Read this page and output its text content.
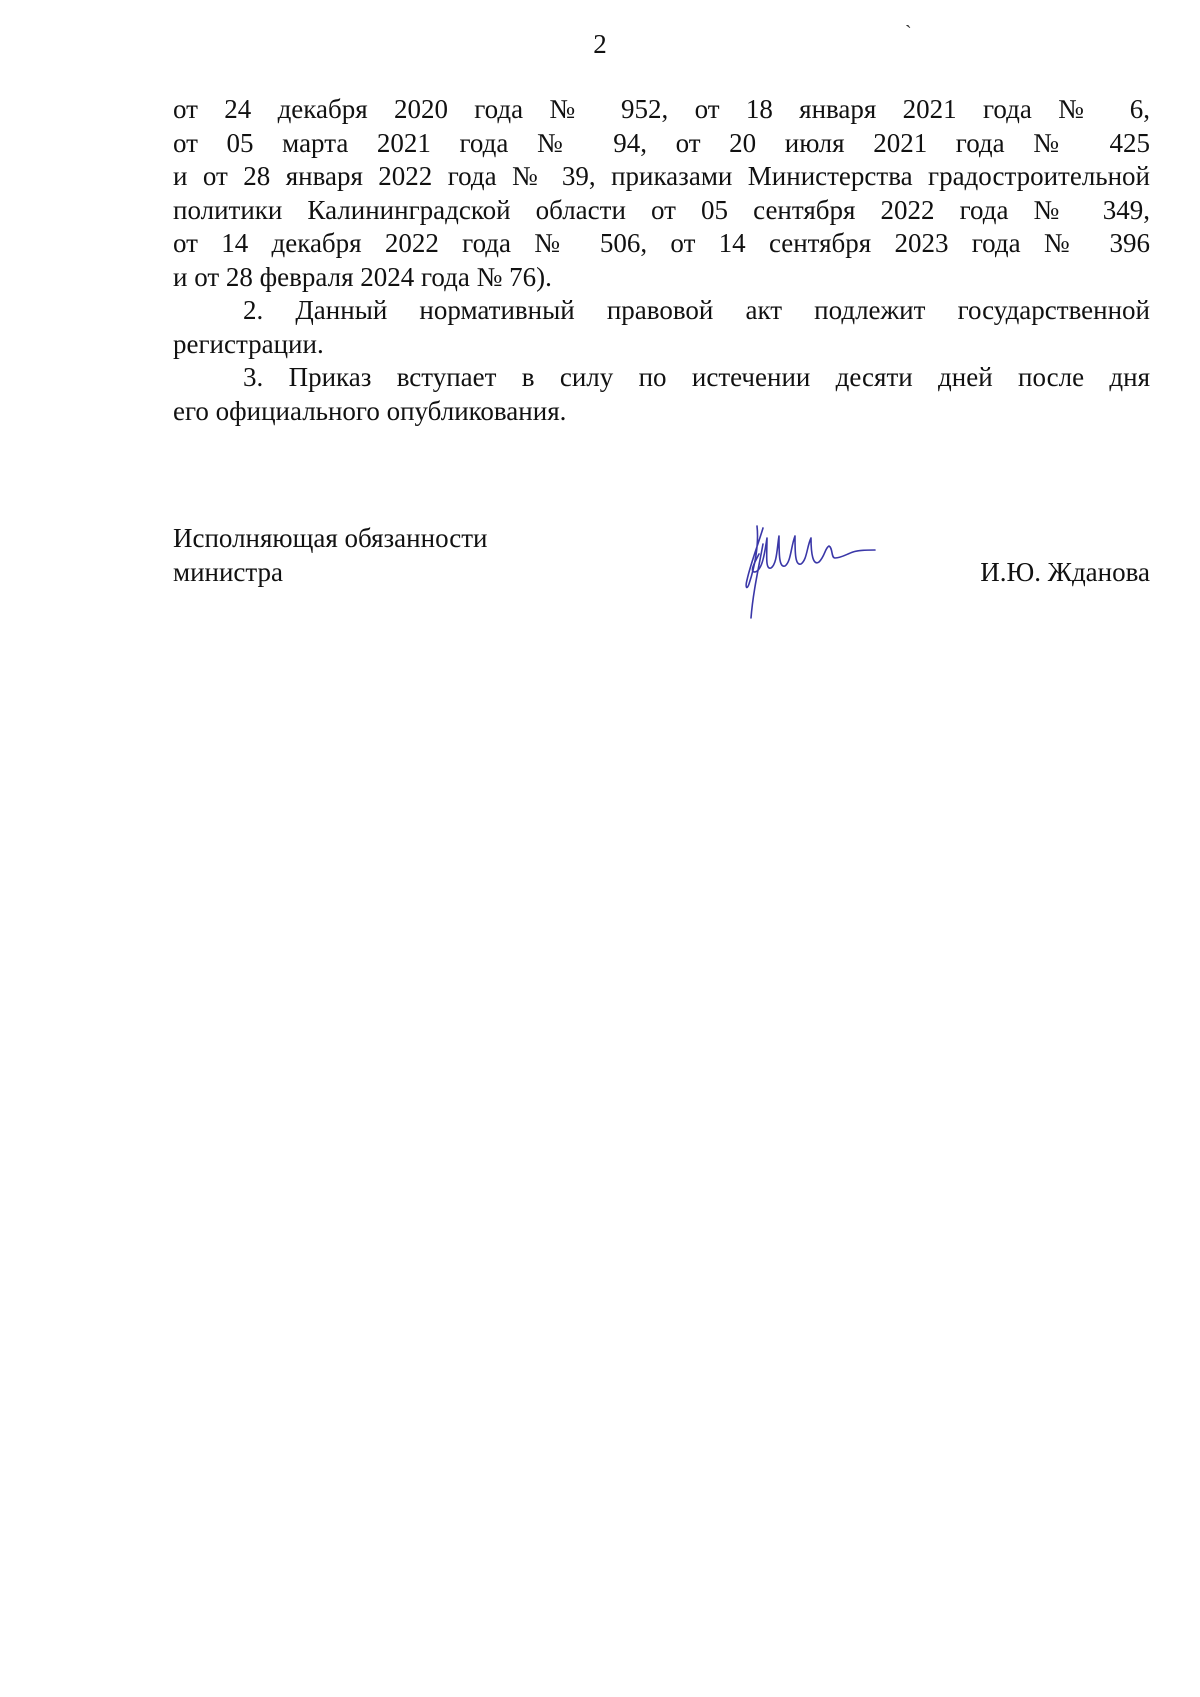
2	`

от 24 декабря 2020 года № 952, от 18 января 2021 года № 6,
от 05 марта 2021 года № 94, от 20 июля 2021 года № 425
и от 28 января 2022 года № 39, приказами Министерства градостроительной
политики Калининградской области от 05 сентября 2022 года № 349,
от 14 декабря 2022 года № 506, от 14 сентября 2023 года № 396
и от 28 февраля 2024 года № 76).

2. Данный нормативный правовой акт подлежит государственной

регистрации.

3. Приказ вступает в силу по истечении десяти дней после дня

его официального опубликования.

Исполняющая обязанности
министра	И.Ю. Жданова
